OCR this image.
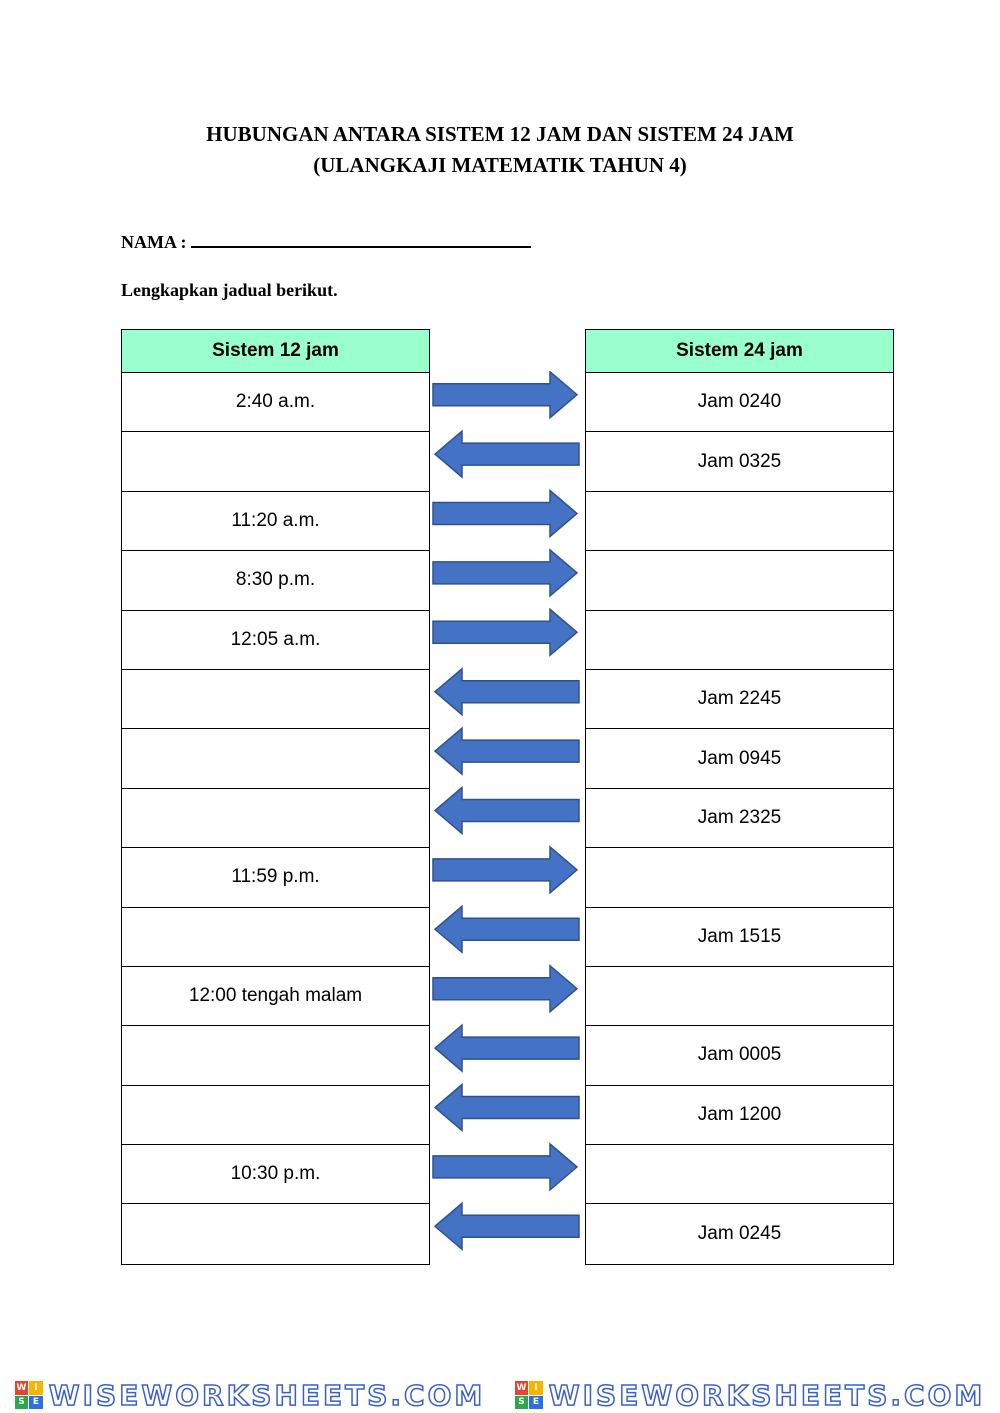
HUBUNGAN ANTARA SISTEM 12 JAM DAN SISTEM 24 JAM
(ULANGKAJI MATEMATIK TAHUN 4)
NAMA :
Lengkapkan jadual berikut.
Sistem 12 jam
2:40 a.m.
11:20 a.m.
8:30 p.m.
12:05 a.m.
11:59 p.m.
12:00 tengah malam
10:30 p.m.
Sistem 24 jam
Jam 0240
Jam 0325
Jam 2245
Jam 0945
Jam 2325
Jam 1515
Jam 0005
Jam 1200
Jam 0245
W I
S E WISEWORKSHEETS.COM	W I
S E WISEWORKSHEETS.COM
